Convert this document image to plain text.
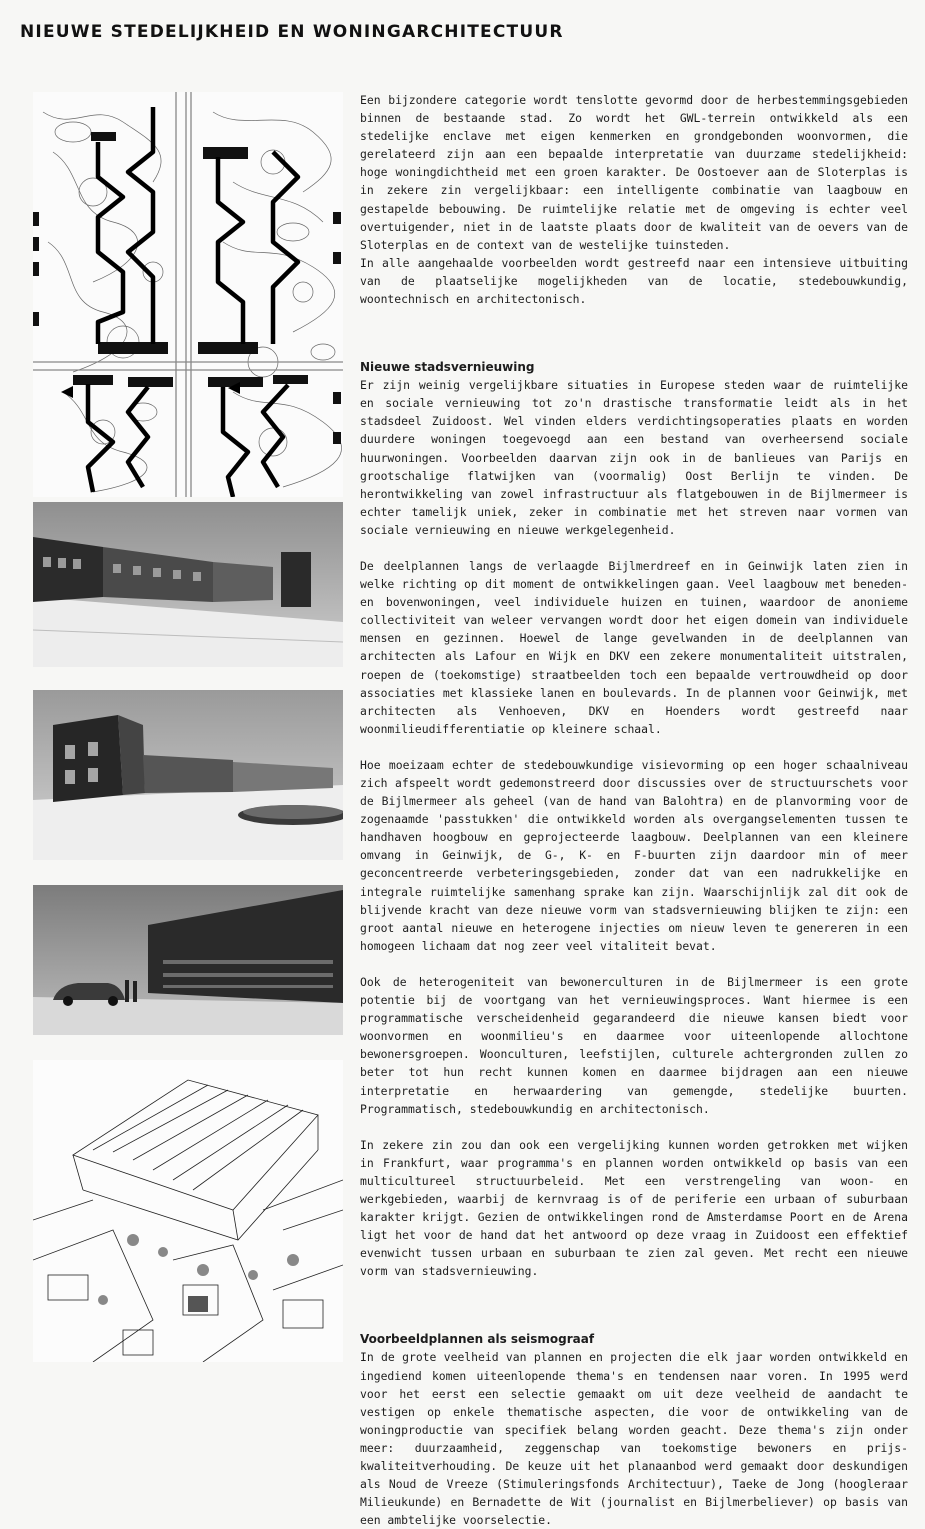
NIEUWE STEDELIJKHEID EN WONINGARCHITECTUUR

Een bijzondere categorie wordt tenslotte gevormd door de herbestemmingsgebieden binnen de bestaande stad. Zo wordt het GWL-terrein ontwikkeld als een stedelijke enclave met eigen kenmerken en grondgebonden woonvormen, die gerelateerd zijn aan een bepaalde interpretatie van duurzame stedelijkheid: hoge woningdichtheid met een groen karakter. De Oostoever aan de Sloterplas is in zekere zin vergelijkbaar: een intelligente combinatie van laagbouw en gestapelde bebouwing. De ruimtelijke relatie met de omgeving is echter veel overtuigender, niet in de laatste plaats door de kwaliteit van de oevers van de Sloterplas en de context van de westelijke tuinsteden.

In alle aangehaalde voorbeelden wordt gestreefd naar een intensieve uitbuiting van de plaatselijke mogelijkheden van de locatie, stedebouwkundig, woontechnisch en architectonisch.

Nieuwe stadsvernieuwing

Er zijn weinig vergelijkbare situaties in Europese steden waar de ruimtelijke en sociale vernieuwing tot zo'n drastische transformatie leidt als in het stadsdeel Zuidoost. Wel vinden elders verdichtingsoperaties plaats en worden duurdere woningen toegevoegd aan een bestand van overheersend sociale huurwoningen. Voorbeelden daarvan zijn ook in de banlieues van Parijs en grootschalige flatwijken van (voormalig) Oost Berlijn te vinden. De herontwikkeling van zowel infrastructuur als flatgebouwen in de Bijlmermeer is echter tamelijk uniek, zeker in combinatie met het streven naar vormen van sociale vernieuwing en nieuwe werkgelegenheid.

De deelplannen langs de verlaagde Bijlmerdreef en in Geinwijk laten zien in welke richting op dit moment de ontwikkelingen gaan. Veel laagbouw met beneden- en bovenwoningen, veel individuele huizen en tuinen, waardoor de anonieme collectiviteit van weleer vervangen wordt door het eigen domein van individuele mensen en gezinnen. Hoewel de lange gevelwanden in de deelplannen van architecten als Lafour en Wijk en DKV een zekere monumentaliteit uitstralen, roepen de (toekomstige) straatbeelden toch een bepaalde vertrouwdheid op door associaties met klassieke lanen en boulevards. In de plannen voor Geinwijk, met architecten als Venhoeven, DKV en Hoenders wordt gestreefd naar woonmilieudifferentiatie op kleinere schaal.

Hoe moeizaam echter de stedebouwkundige visievorming op een hoger schaalniveau zich afspeelt wordt gedemonstreerd door discussies over de structuurschets voor de Bijlmermeer als geheel (van de hand van Balohtra) en de planvorming voor de zogenaamde 'passtukken' die ontwikkeld worden als overgangselementen tussen te handhaven hoogbouw en geprojecteerde laagbouw. Deelplannen van een kleinere omvang in Geinwijk, de G-, K- en F-buurten zijn daardoor min of meer geconcentreerde verbeteringsgebieden, zonder dat van een nadrukkelijke en integrale ruimtelijke samenhang sprake kan zijn. Waarschijnlijk zal dit ook de blijvende kracht van deze nieuwe vorm van stadsvernieuwing blijken te zijn: een groot aantal nieuwe en heterogene injecties om nieuw leven te genereren in een homogeen lichaam dat nog zeer veel vitaliteit bevat.

Ook de heterogeniteit van bewonerculturen in de Bijlmermeer is een grote potentie bij de voortgang van het vernieuwingsproces. Want hiermee is een programmatische verscheidenheid gegarandeerd die nieuwe kansen biedt voor woonvormen en woonmilieu's en daarmee voor uiteenlopende allochtone bewonersgroepen. Woonculturen, leefstijlen, culturele achtergronden zullen zo beter tot hun recht kunnen komen en daarmee bijdragen aan een nieuwe interpretatie en herwaardering van gemengde, stedelijke buurten. Programmatisch, stedebouwkundig en architectonisch.

In zekere zin zou dan ook een vergelijking kunnen worden getrokken met wijken in Frankfurt, waar programma's en plannen worden ontwikkeld op basis van een multicultureel structuurbeleid. Met een verstrengeling van woon- en werkgebieden, waarbij de kernvraag is of de periferie een urbaan of suburbaan karakter krijgt. Gezien de ontwikkelingen rond de Amsterdamse Poort en de Arena ligt het voor de hand dat het antwoord op deze vraag in Zuidoost een effektief evenwicht tussen urbaan en suburbaan te zien zal geven. Met recht een nieuwe vorm van stadsvernieuwing.

Voorbeeldplannen als seismograaf

In de grote veelheid van plannen en projecten die elk jaar worden ontwikkeld en ingediend komen uiteenlopende thema's en tendensen naar voren. In 1995 werd voor het eerst een selectie gemaakt om uit deze veelheid de aandacht te vestigen op enkele thematische aspecten, die voor de ontwikkeling van de woningproductie van specifiek belang worden geacht. Deze thema's zijn onder meer: duurzaamheid, zeggenschap van toekomstige bewoners en prijs-kwaliteitverhouding. De keuze uit het planaanbod werd gemaakt door deskundigen als Noud de Vreeze (Stimuleringsfonds Architectuur), Taeke de Jong (hoogleraar Milieukunde) en Bernadette de Wit (journalist en Bijlmerbeliever) op basis van een ambtelijke voorselectie.
